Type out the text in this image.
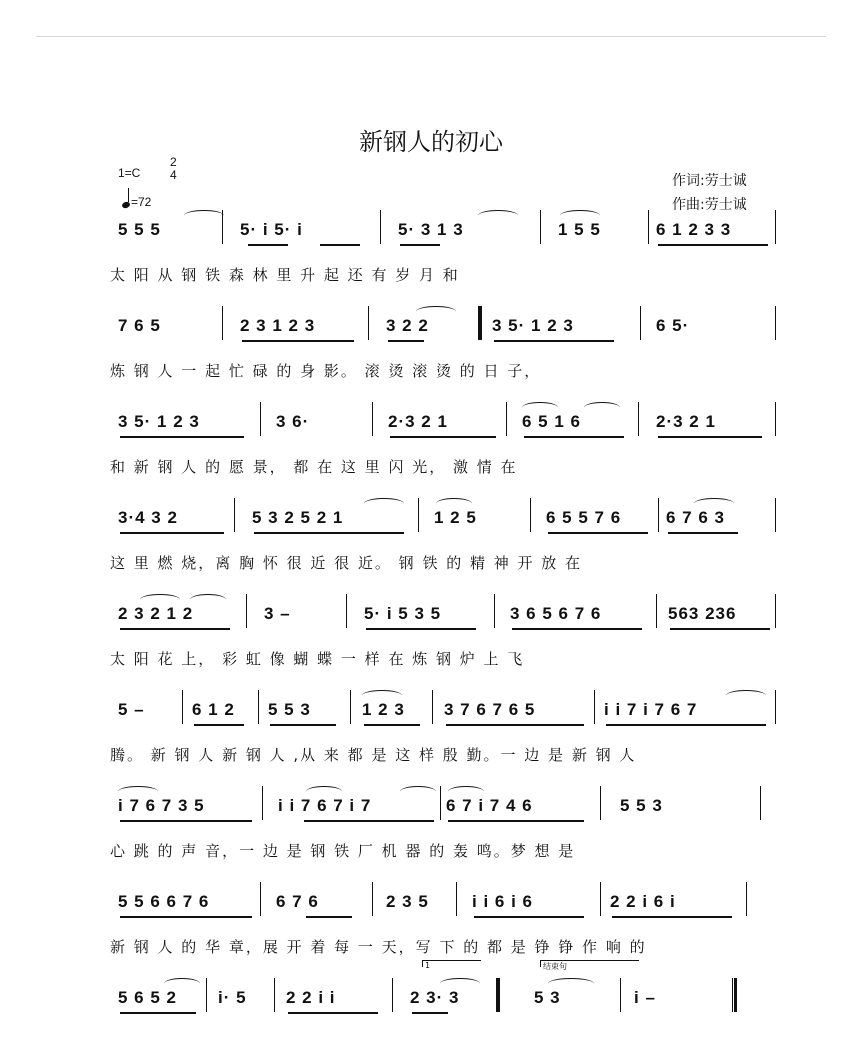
新钢人的初心
1=C
2
4
=72
作词:劳士诚
作曲:劳士诚
5 5 5	5· i 5· i	5· 3 1 3	1 5 5	6 1 2 3 3
太 阳 从 钢 铁 森 林 里 升 起 还 有 岁 月 和
7 6 5	2 3 1 2 3	3 2 2	3 5· 1 2 3	6 5·
炼 钢 人 一 起 忙 碌 的 身 影。 滚 烫 滚 烫 的 日 子，
3 5· 1 2 3	3 6·	2·3 2 1	6 5 1 6	2·3 2 1
和 新 钢 人 的 愿 景， 都 在 这 里 闪 光， 激 情 在
3·4 3 2	5 3 2 5 2 1	1 2 5	6 5 5 7 6	6 7 6 3
这 里 燃 烧，离 胸 怀 很 近 很 近。 钢 铁 的 精 神 开 放 在
2 3 2 1 2	3 –	5· i 5 3 5	3 6 5 6 7 6	563 236
太 阳 花 上， 彩 虹 像 蝴 蝶 一 样 在 炼 钢 炉 上 飞
5 –	6 1 2 5 5 3	1 2 3 3 7 6 7 6 5	i i 7 i 7 6 7
腾。 新 钢 人 新 钢 人 ,从 来 都 是 这 样 殷 勤。一 边 是 新 钢 人
i 7 6 7 3 5	i i 7 6 7 i 7	6 7 i 7 4 6	5 5 3
心 跳 的 声 音，一 边 是 钢 铁 厂 机 器 的 轰 鸣。梦 想 是
5 5 6 6 7 6	6 7 6	2 3 5	i i 6 i 6	2 2 i 6 i
新 钢 人 的 华 章，展 开 着 每 一 天，写 下 的 都 是 铮 铮 作 响 的
1	结束句
5 6 5 2 i· 5 2 2 i i	2 3· 3	5 3	i –
